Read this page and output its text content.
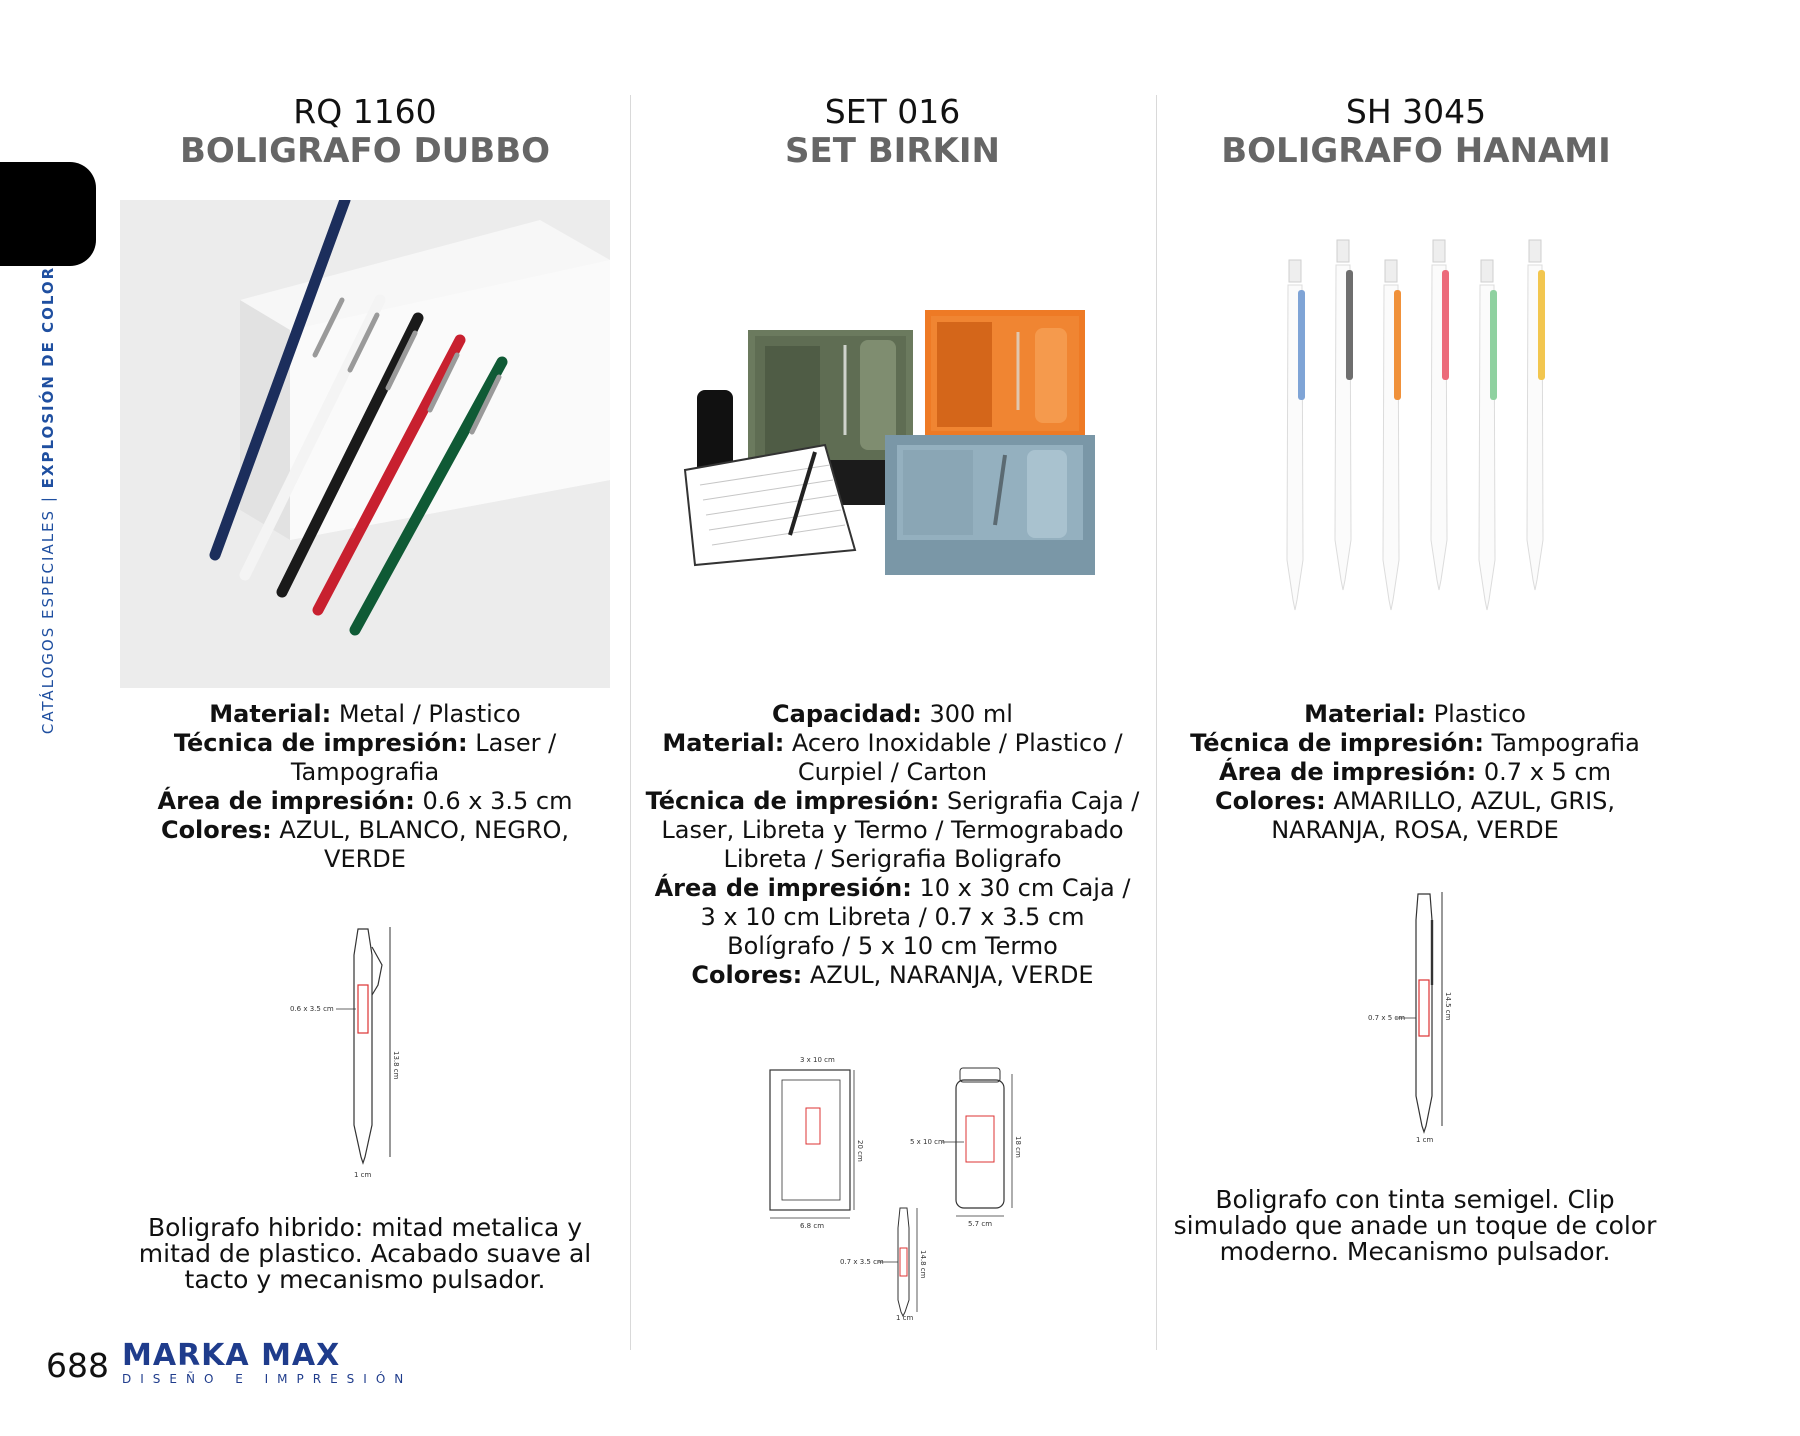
CATÁLOGOS ESPECIALES | EXPLOSIÓN DE COLOR
RQ 1160
BOLIGRAFO DUBBO
Material: Metal / Plastico
Técnica de impresión: Laser / Tampografia
Área de impresión: 0.6 x 3.5 cm
Colores: AZUL, BLANCO, NEGRO, VERDE
0.6 x 3.5 cm
13.8 cm
1 cm
Boligrafo hibrido: mitad metalica y mitad de plastico. Acabado suave al tacto y mecanismo pulsador.
SET 016
SET BIRKIN
Capacidad: 300 ml
Material: Acero Inoxidable / Plastico / Curpiel / Carton
Técnica de impresión: Serigrafia Caja / Laser, Libreta y Termo / Termograbado Libreta / Serigrafia Boligrafo
Área de impresión: 10 x 30 cm Caja / 3 x 10 cm Libreta / 0.7 x 3.5 cm Bolígrafo / 5 x 10 cm Termo
Colores: AZUL, NARANJA, VERDE
3 x 10 cm
20 cm
6.8 cm
5 x 10 cm	18 cm
5.7 cm
0.7 x 3.5 cm	14.8 cm
1 cm
SH 3045
BOLIGRAFO HANAMI
Material: Plastico
Técnica de impresión: Tampografia
Área de impresión: 0.7 x 5 cm
Colores: AMARILLO, AZUL, GRIS, NARANJA, ROSA, VERDE
0.7 x 5 cm	14.5 cm
1 cm
Boligrafo con tinta semigel. Clip simulado que anade un toque de color moderno. Mecanismo pulsador.
688 MARKA MAX
DISEÑO E IMPRESIÓN
